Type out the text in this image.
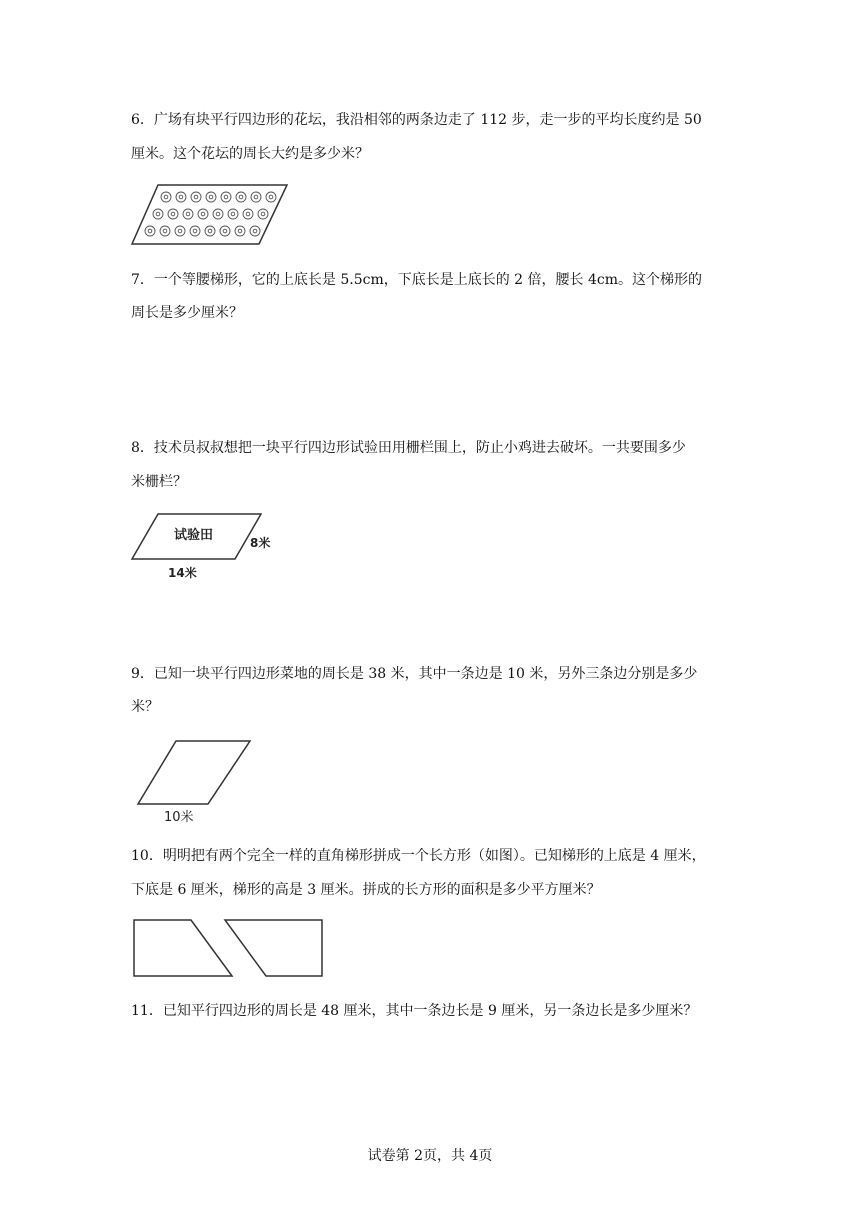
6．广场有块平行四边形的花坛，我沿相邻的两条边走了 112 步，走一步的平均长度约是 50
厘米。这个花坛的周长大约是多少米？
7．一个等腰梯形，它的上底长是 5.5cm，下底长是上底长的 2 倍，腰长 4cm。这个梯形的
周长是多少厘米？
8．技术员叔叔想把一块平行四边形试验田用栅栏围上，防止小鸡进去破坏。一共要围多少
米栅栏？
试验田	8米
14米
9．已知一块平行四边形菜地的周长是 38 米，其中一条边是 10 米，另外三条边分别是多少
米？
10米
10．明明把有两个完全一样的直角梯形拼成一个长方形（如图）。已知梯形的上底是 4 厘米，
下底是 6 厘米，梯形的高是 3 厘米。拼成的长方形的面积是多少平方厘米？
11．已知平行四边形的周长是 48 厘米，其中一条边长是 9 厘米，另一条边长是多少厘米？
试卷第 2页，共 4页
